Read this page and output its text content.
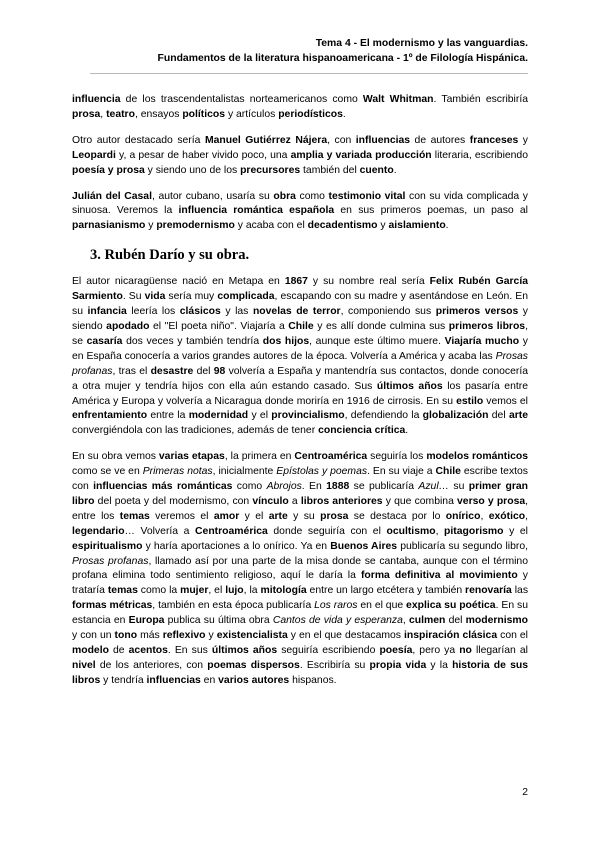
Tema 4 - El modernismo y las vanguardias.
Fundamentos de la literatura hispanoamericana - 1º de Filología Hispánica.

influencia de los trascendentalistas norteamericanos como Walt Whitman. También escribiría prosa, teatro, ensayos políticos y artículos periodísticos.

Otro autor destacado sería Manuel Gutiérrez Nájera, con influencias de autores franceses y Leopardi y, a pesar de haber vivido poco, una amplia y variada producción literaria, escribiendo poesía y prosa y siendo uno de los precursores también del cuento.

Julián del Casal, autor cubano, usaría su obra como testimonio vital con su vida complicada y sinuosa. Veremos la influencia romántica española en sus primeros poemas, un paso al parnasianismo y premodernismo y acaba con el decadentismo y aislamiento.

3. Rubén Darío y su obra.

El autor nicaragüense nació en Metapa en 1867 y su nombre real sería Felix Rubén García Sarmiento. Su vida sería muy complicada, escapando con su madre y asentándose en León. En su infancia leería los clásicos y las novelas de terror, componiendo sus primeros versos y siendo apodado el "El poeta niño". Viajaría a Chile y es allí donde culmina sus primeros libros, se casaría dos veces y también tendría dos hijos, aunque este último muere. Viajaría mucho y en España conocería a varios grandes autores de la época. Volvería a América y acaba las Prosas profanas, tras el desastre del 98 volvería a España y mantendría sus contactos, donde conocería a otra mujer y tendría hijos con ella aún estando casado. Sus últimos años los pasaría entre América y Europa y volvería a Nicaragua donde moriría en 1916 de cirrosis. En su estilo vemos el enfrentamiento entre la modernidad y el provincialismo, defendiendo la globalización del arte convergiéndola con las tradiciones, además de tener conciencia crítica.

En su obra vemos varias etapas, la primera en Centroamérica seguiría los modelos románticos como se ve en Primeras notas, inicialmente Epístolas y poemas. En su viaje a Chile escribe textos con influencias más románticas como Abrojos. En 1888 se publicaría Azul… su primer gran libro del poeta y del modernismo, con vínculo a libros anteriores y que combina verso y prosa, entre los temas veremos el amor y el arte y su prosa se destaca por lo onírico, exótico, legendario… Volvería a Centroamérica donde seguiría con el ocultismo, pitagorismo y el espiritualismo y haría aportaciones a lo onírico. Ya en Buenos Aires publicaría su segundo libro, Prosas profanas, llamado así por una parte de la misa donde se cantaba, aunque con el término profana elimina todo sentimiento religioso, aquí le daría la forma definitiva al movimiento y trataría temas como la mujer, el lujo, la mitología entre un largo etcétera y también renovaría las formas métricas, también en esta época publicaría Los raros en el que explica su poética. En su estancia en Europa publica su última obra Cantos de vida y esperanza, culmen del modernismo y con un tono más reflexivo y existencialista y en el que destacamos inspiración clásica con el modelo de acentos. En sus últimos años seguiría escribiendo poesía, pero ya no llegarían al nivel de los anteriores, con poemas dispersos. Escribiría su propia vida y la historia de sus libros y tendría influencias en varios autores hispanos.

2
